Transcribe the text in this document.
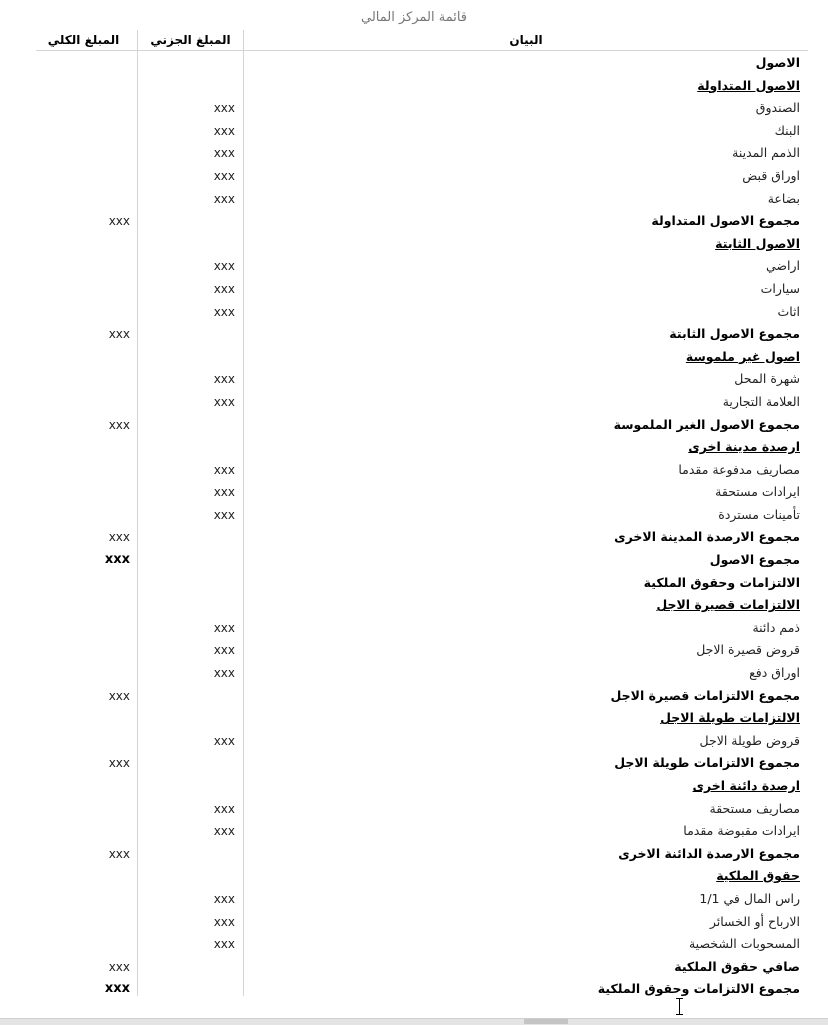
قائمة المركز المالي
البيان
المبلغ الجزني
المبلغ الكلي
الاصول
الاصول المتداولة
الصندوق
xxx
البنك
xxx
الذمم المدينة
xxx
اوراق قبض
xxx
بضاعة
xxx
مجموع الاصول المتداولة
xxx
الاصول الثابتة
اراضي
xxx
سيارات
xxx
اثاث
xxx
مجموع الاصول الثابتة
xxx
اصول غير ملموسة
شهرة المحل
xxx
العلامة التجارية
xxx
مجموع الاصول الغير الملموسة
xxx
ارصدة مدينة اخرى
مصاريف مدفوعة مقدما
xxx
ايرادات مستحقة
xxx
تأمينات مستردة
xxx
مجموع الارصدة المدينة الاخرى
xxx
مجموع الاصول
xxx
الالتزامات وحقوق الملكية
الالتزامات قصيرة الاجل
ذمم دائنة
xxx
قروض قصيرة الاجل
xxx
اوراق دفع
xxx
مجموع الالتزامات قصيرة الاجل
xxx
الالتزامات طويلة الاجل
قروض طويلة الاجل
xxx
مجموع الالتزامات طويلة الاجل
xxx
ارصدة دائنة اخرى
مصاريف مستحقة
xxx
ايرادات مقبوضة مقدما
xxx
مجموع الارصدة الدائنة الاخرى
xxx
حقوق الملكية
راس المال في 1/1
xxx
الارباح أو الخسائر
xxx
المسحوبات الشخصية
xxx
صافي حقوق الملكية
xxx
مجموع الالتزامات وحقوق الملكية
xxx
